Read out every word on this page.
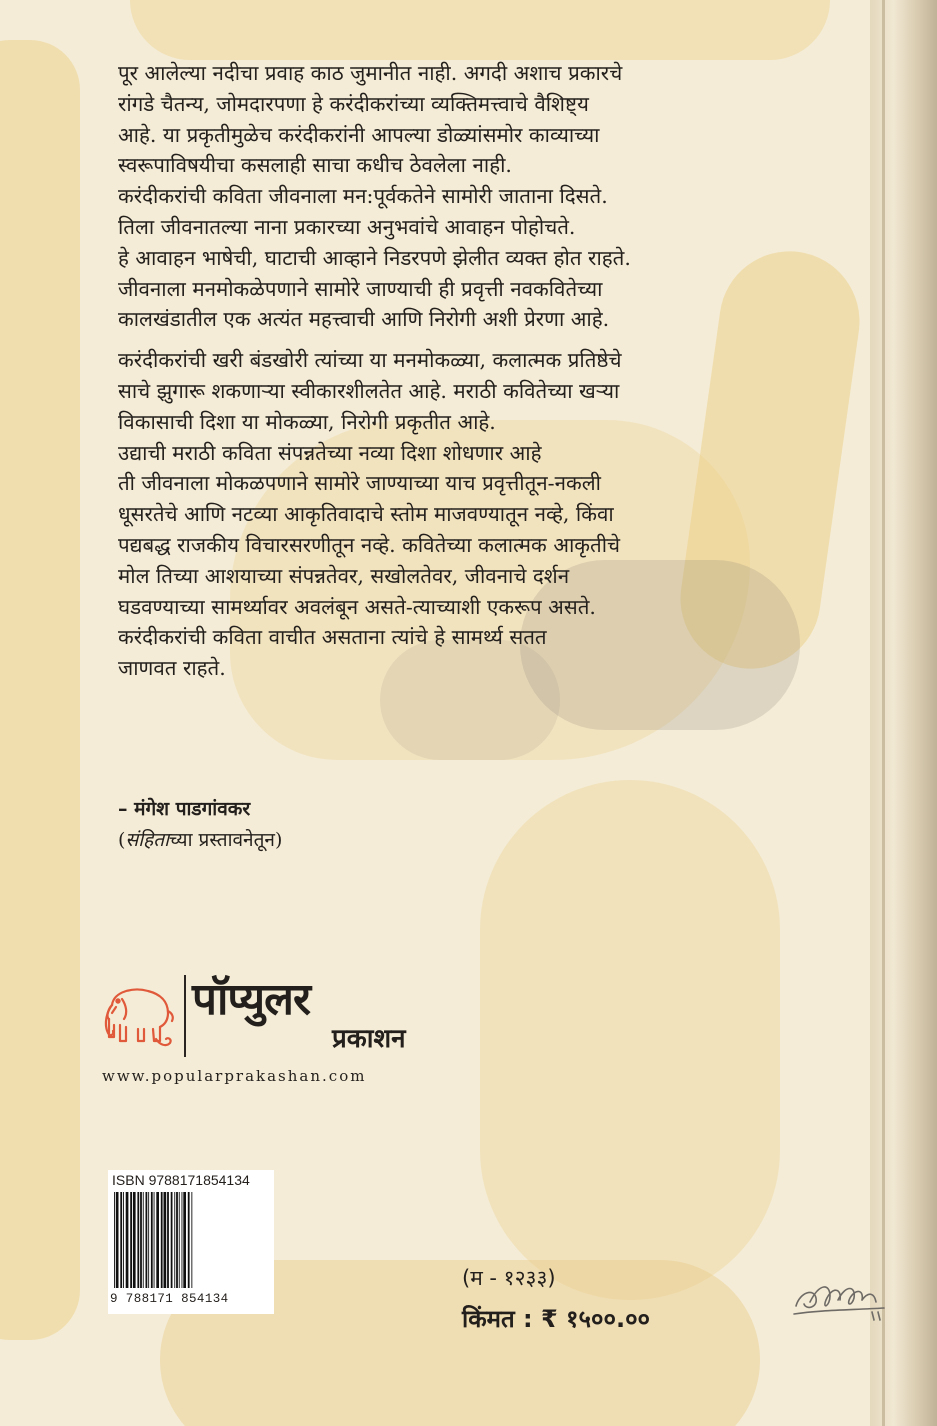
पूर आलेल्या नदीचा प्रवाह काठ जुमानीत नाही. अगदी अशाच प्रकारचे
रांगडे चैतन्य, जोमदारपणा हे करंदीकरांच्या व्यक्तिमत्त्वाचे वैशिष्ट्य
आहे. या प्रकृतीमुळेच करंदीकरांनी आपल्या डोळ्यांसमोर काव्याच्या
स्वरूपाविषयीचा कसलाही साचा कधीच ठेवलेला नाही.
करंदीकरांची कविता जीवनाला मन:पूर्वकतेने सामोरी जाताना दिसते.
तिला जीवनातल्या नाना प्रकारच्या अनुभवांचे आवाहन पोहोचते.
हे आवाहन भाषेची, घाटाची आव्हाने निडरपणे झेलीत व्यक्त होत राहते.
जीवनाला मनमोकळेपणाने सामोरे जाण्याची ही प्रवृत्ती नवकवितेच्या
कालखंडातील एक अत्यंत महत्त्वाची आणि निरोगी अशी प्रेरणा आहे.

करंदीकरांची खरी बंडखोरी त्यांच्या या मनमोकळ्या, कलात्मक प्रतिष्ठेचे
साचे झुगारू शकणाऱ्या स्वीकारशीलतेत आहे. मराठी कवितेच्या खऱ्या
विकासाची दिशा या मोकळ्या, निरोगी प्रकृतीत आहे.
उद्याची मराठी कविता संपन्नतेच्या नव्या दिशा शोधणार आहे
ती जीवनाला मोकळपणाने सामोरे जाण्याच्या याच प्रवृत्तीतून-नकली
धूसरतेचे आणि नटव्या आकृतिवादाचे स्तोम माजवण्यातून नव्हे, किंवा
पद्यबद्ध राजकीय विचारसरणीतून नव्हे. कवितेच्या कलात्मक आकृतीचे
मोल तिच्या आशयाच्या संपन्नतेवर, सखोलतेवर, जीवनाचे दर्शन
घडवण्याच्या सामर्थ्यावर अवलंबून असते-त्याच्याशी एकरूप असते.
करंदीकरांची कविता वाचीत असताना त्यांचे हे सामर्थ्य सतत
जाणवत राहते.

– मंगेश पाडगांवकर
(संहिताच्या प्रस्तावनेतून)
पॉप्युलर
प्रकाशन
www.popularprakashan.com
ISBN 9788171854134
9 788171 854134
(म - १२३३)
किंमत : ₹ १५००.००
